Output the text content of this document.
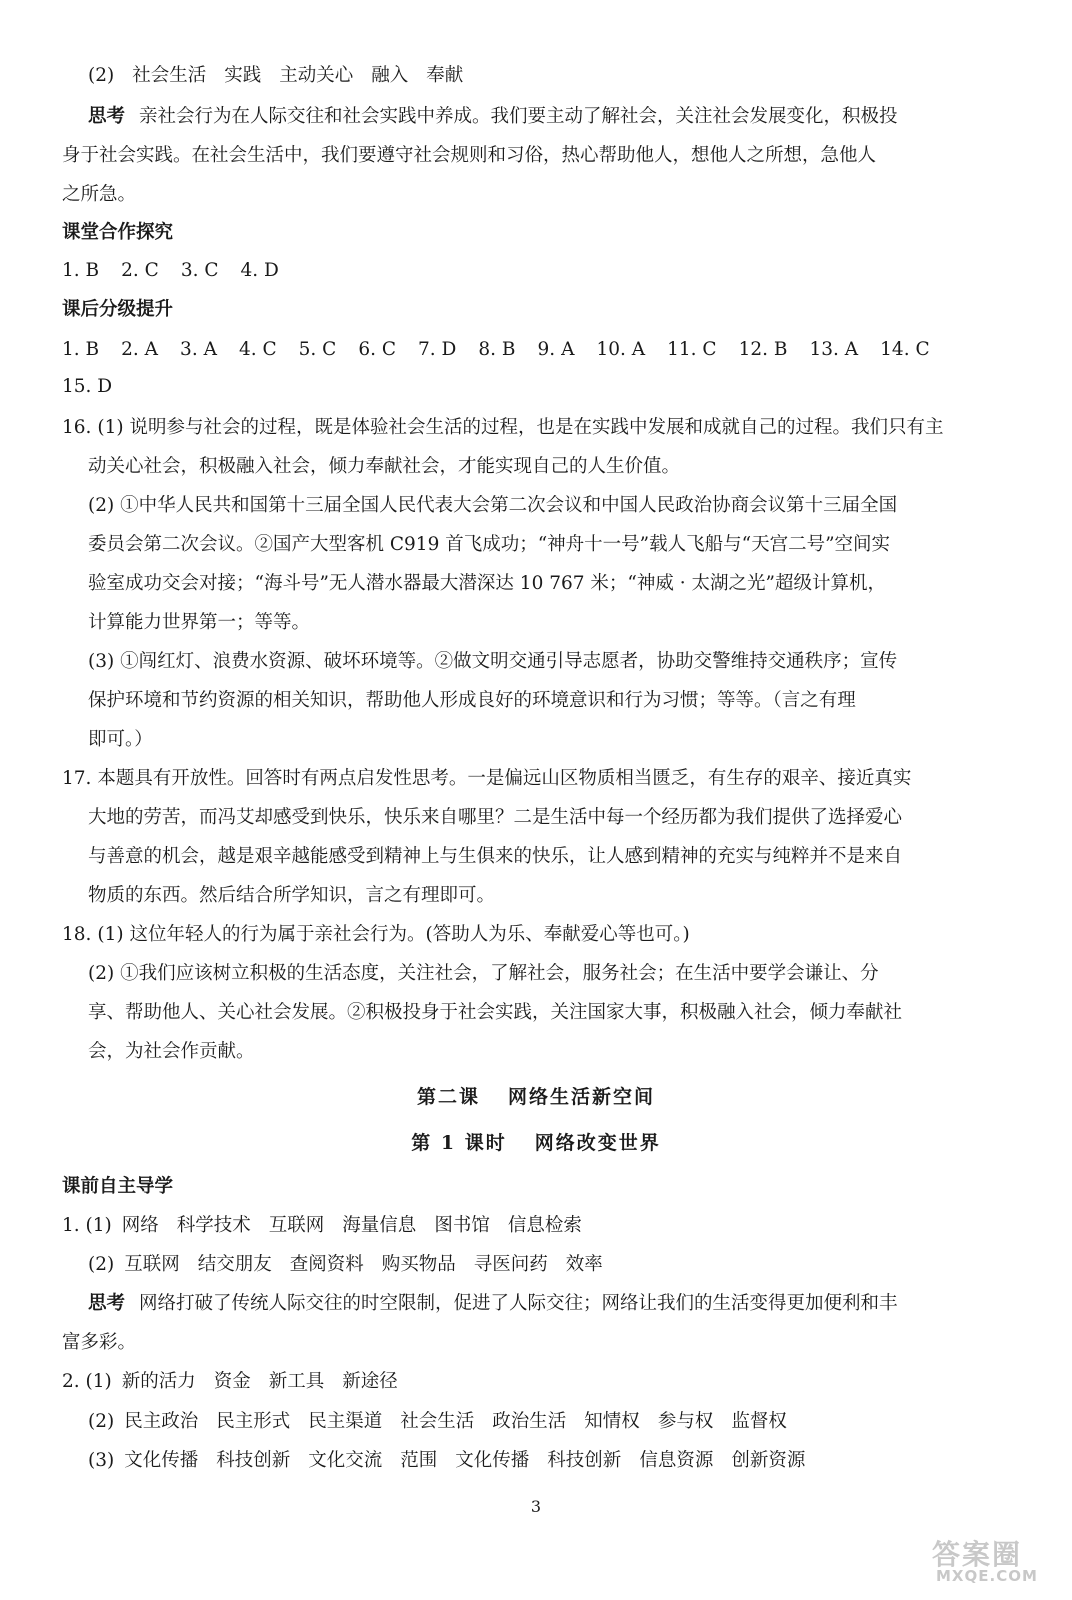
(2) 社会生活 实践 主动关心 融入 奉献
思考 亲社会行为在人际交往和社会实践中养成。我们要主动了解社会，关注社会发展变化，积极投
身于社会实践。在社会生活中，我们要遵守社会规则和习俗，热心帮助他人，想他人之所想，急他人
之所急。
课堂合作探究
1. B 2. C 3. C 4. D
课后分级提升
1. B 2. A 3. A 4. C 5. C 6. C 7. D 8. B 9. A 10. A 11. C 12. B 13. A 14. C
15. D
16. (1) 说明参与社会的过程，既是体验社会生活的过程，也是在实践中发展和成就自己的过程。我们只有主
动关心社会，积极融入社会，倾力奉献社会，才能实现自己的人生价值。
(2) ①中华人民共和国第十三届全国人民代表大会第二次会议和中国人民政治协商会议第十三届全国
委员会第二次会议。②国产大型客机 C919 首飞成功；“神舟十一号”载人飞船与“天宫二号”空间实
验室成功交会对接；“海斗号”无人潜水器最大潜深达 10 767 米；“神威 · 太湖之光”超级计算机，
计算能力世界第一；等等。
(3) ①闯红灯、浪费水资源、破坏环境等。②做文明交通引导志愿者，协助交警维持交通秩序；宣传
保护环境和节约资源的相关知识，帮助他人形成良好的环境意识和行为习惯；等等。（言之有理
即可。）
17. 本题具有开放性。回答时有两点启发性思考。一是偏远山区物质相当匮乏，有生存的艰辛、接近真实
大地的劳苦，而冯艾却感受到快乐，快乐来自哪里？二是生活中每一个经历都为我们提供了选择爱心
与善意的机会，越是艰辛越能感受到精神上与生俱来的快乐，让人感到精神的充实与纯粹并不是来自
物质的东西。然后结合所学知识，言之有理即可。
18. (1) 这位年轻人的行为属于亲社会行为。(答助人为乐、奉献爱心等也可。)
(2) ①我们应该树立积极的生活态度，关注社会，了解社会，服务社会；在生活中要学会谦让、分
享、帮助他人、关心社会发展。②积极投身于社会实践，关注国家大事，积极融入社会，倾力奉献社
会，为社会作贡献。
第二课 网络生活新空间
第 1 课时 网络改变世界
课前自主导学
1. (1) 网络 科学技术 互联网 海量信息 图书馆 信息检索
(2) 互联网 结交朋友 查阅资料 购买物品 寻医问药 效率
思考 网络打破了传统人际交往的时空限制，促进了人际交往；网络让我们的生活变得更加便利和丰
富多彩。
2. (1) 新的活力 资金 新工具 新途径
(2) 民主政治 民主形式 民主渠道 社会生活 政治生活 知情权 参与权 监督权
(3) 文化传播 科技创新 文化交流 范围 文化传播 科技创新 信息资源 创新资源
3
答案圈
MXQE.COM
